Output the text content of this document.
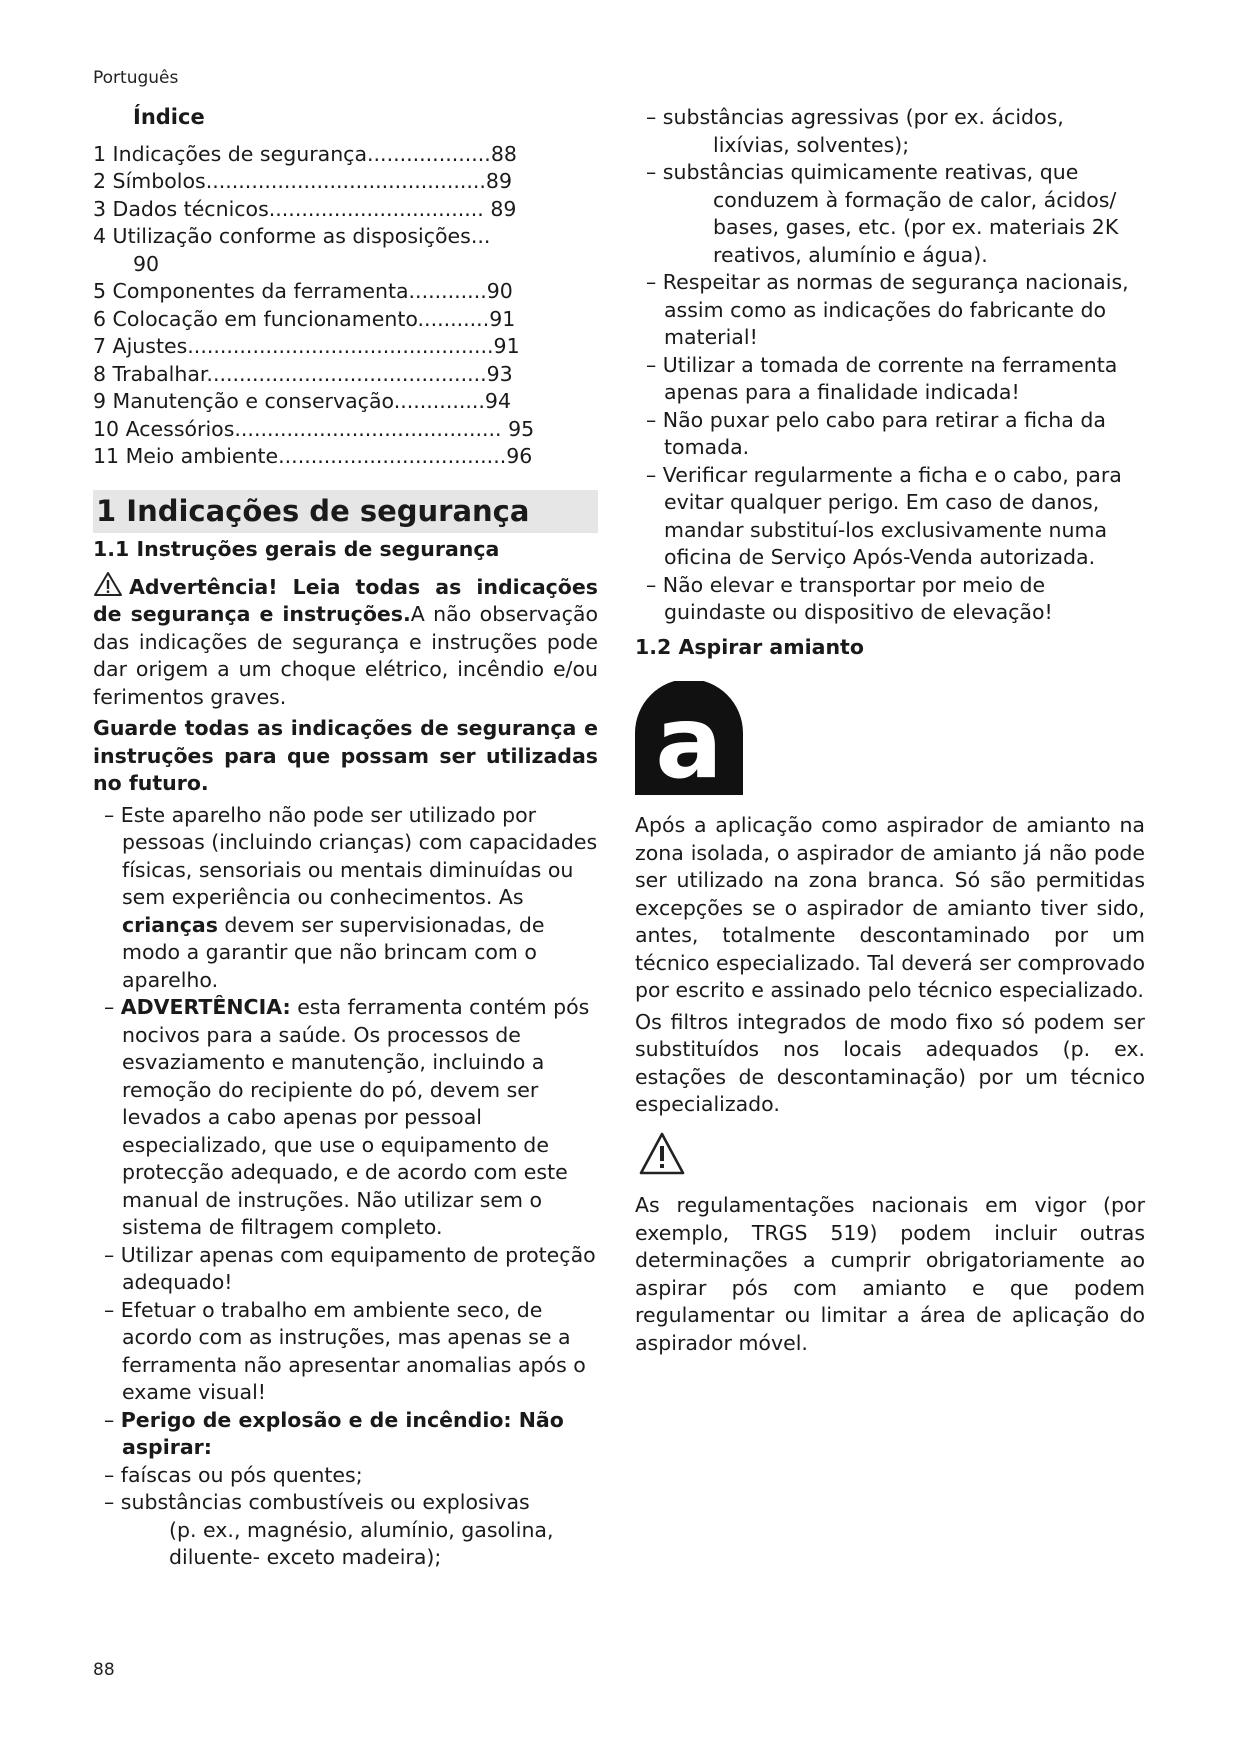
Português
Índice
1 Indicações de segurança...................88
2 Símbolos...........................................89
3 Dados técnicos................................. 89
4 Utilização conforme as disposições...
90
5 Componentes da ferramenta............90
6 Colocação em funcionamento...........91
7 Ajustes...............................................91
8 Trabalhar...........................................93
9 Manutenção e conservação..............94
10 Acessórios......................................... 95
11 Meio ambiente...................................96
1 Indicações de segurança
1.1 Instruções gerais de segurança

Advertência! Leia todas as indicações de segurança e instruções.A não observação das indicações de segurança e instruções pode dar origem a um choque elétrico, incêndio e/ou ferimentos graves.

Guarde todas as indicações de segurança e instruções para que possam ser utilizadas no futuro.

– Este aparelho não pode ser utilizado por pessoas (incluindo crianças) com capacidades físicas, sensoriais ou mentais diminuídas ou sem experiência ou conhecimentos. As crianças devem ser supervisionadas, de modo a garantir que não brincam com o aparelho.
– ADVERTÊNCIA: esta ferramenta contém pós nocivos para a saúde. Os processos de esvaziamento e manutenção, incluindo a remoção do recipiente do pó, devem ser levados a cabo apenas por pessoal especializado, que use o equipamento de protecção adequado, e de acordo com este manual de instruções. Não utilizar sem o sistema de filtragem completo.
– Utilizar apenas com equipamento de proteção adequado!
– Efetuar o trabalho em ambiente seco, de acordo com as instruções, mas apenas se a ferramenta não apresentar anomalias após o exame visual!
– Perigo de explosão e de incêndio: Não aspirar:
– faíscas ou pós quentes;
– substâncias combustíveis ou explosivas
(p. ex., magnésio, alumínio, gasolina, diluente- exceto madeira);
– substâncias agressivas (por ex. ácidos,
lixívias, solventes);
– substâncias quimicamente reativas, que
conduzem à formação de calor, ácidos/ bases, gases, etc. (por ex. materiais 2K reativos, alumínio e água).
– Respeitar as normas de segurança nacionais, assim como as indicações do fabricante do material!
– Utilizar a tomada de corrente na ferramenta apenas para a finalidade indicada!
– Não puxar pelo cabo para retirar a ficha da tomada.
– Verificar regularmente a ficha e o cabo, para evitar qualquer perigo. Em caso de danos, mandar substituí-los exclusivamente numa oficina de Serviço Após-Venda autorizada.
– Não elevar e transportar por meio de guindaste ou dispositivo de elevação!
1.2 Aspirar amianto
a

Após a aplicação como aspirador de amianto na zona isolada, o aspirador de amianto já não pode ser utilizado na zona branca. Só são permitidas excepções se o aspirador de amianto tiver sido, antes, totalmente descontaminado por um técnico especializado. Tal deverá ser comprovado por escrito e assinado pelo técnico especializado.

Os filtros integrados de modo fixo só podem ser substituídos nos locais adequados (p. ex. estações de descontaminação) por um técnico especializado.

As regulamentações nacionais em vigor (por exemplo, TRGS 519) podem incluir outras determinações a cumprir obrigatoriamente ao aspirar pós com amianto e que podem regulamentar ou limitar a área de aplicação do aspirador móvel.

88
